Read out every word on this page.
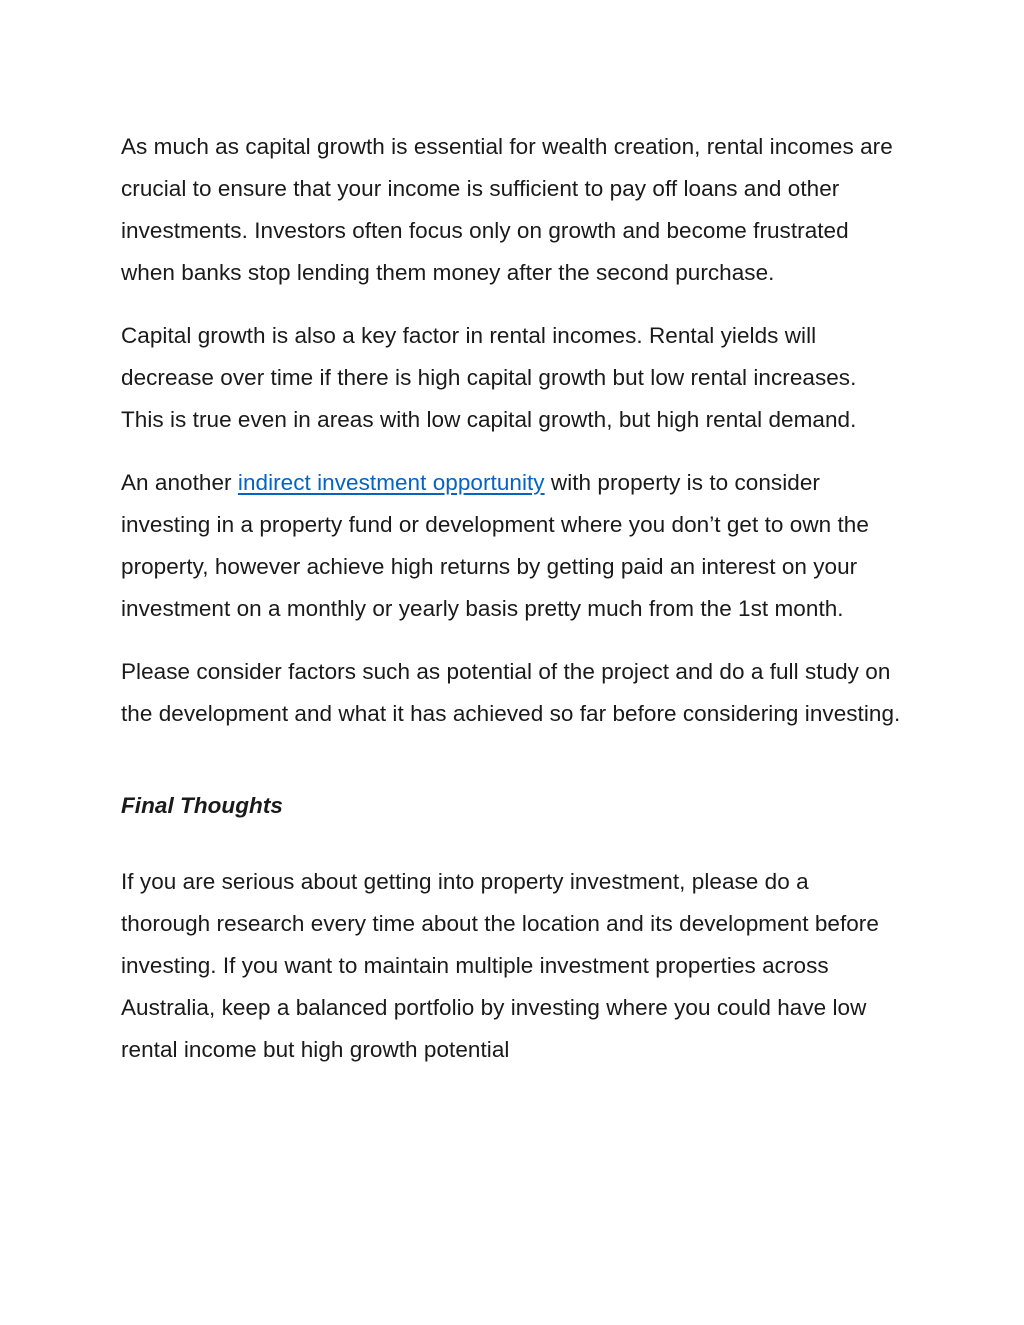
As much as capital growth is essential for wealth creation, rental incomes are crucial to ensure that your income is sufficient to pay off loans and other investments. Investors often focus only on growth and become frustrated when banks stop lending them money after the second purchase.

Capital growth is also a key factor in rental incomes. Rental yields will decrease over time if there is high capital growth but low rental increases. This is true even in areas with low capital growth, but high rental demand.

An another indirect investment opportunity with property is to consider investing in a property fund or development where you don’t get to own the property, however achieve high returns by getting paid an interest on your investment on a monthly or yearly basis pretty much from the 1st month.

Please consider factors such as potential of the project and do a full study on the development and what it has achieved so far before considering investing.

Final Thoughts

If you are serious about getting into property investment, please do a thorough research every time about the location and its development before investing. If you want to maintain multiple investment properties across Australia, keep a balanced portfolio by investing where you could have low rental income but high growth potential
